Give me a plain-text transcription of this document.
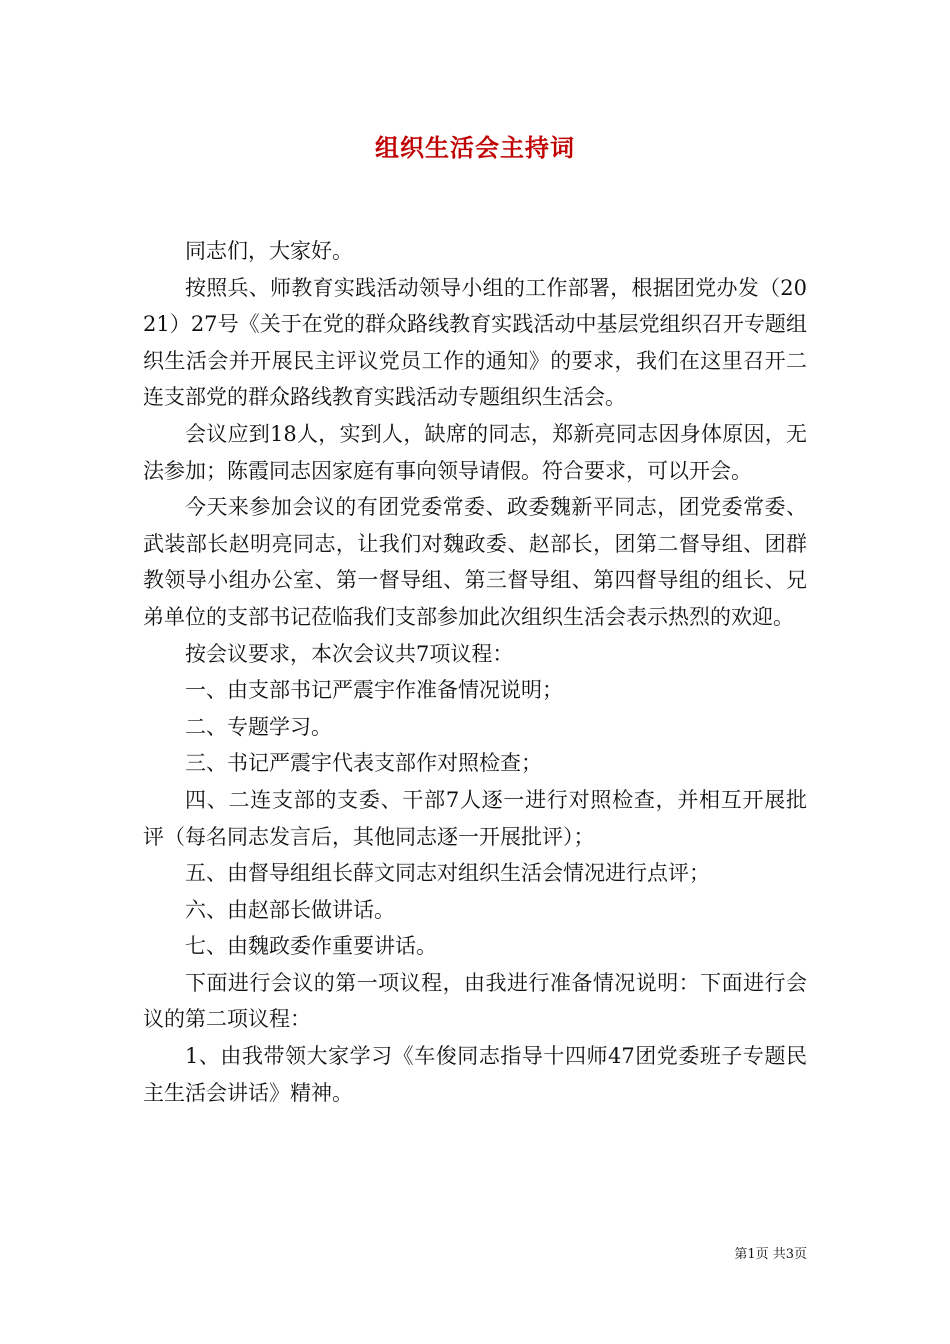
组织生活会主持词

同志们，大家好。

按照兵、师教育实践活动领导小组的工作部署，根据团党办发（2021）27号《关于在党的群众路线教育实践活动中基层党组织召开专题组织生活会并开展民主评议党员工作的通知》的要求，我们在这里召开二连支部党的群众路线教育实践活动专题组织生活会。

会议应到18人，实到人，缺席的同志，郑新亮同志因身体原因，无法参加；陈霞同志因家庭有事向领导请假。符合要求，可以开会。

今天来参加会议的有团党委常委、政委魏新平同志，团党委常委、武装部长赵明亮同志，让我们对魏政委、赵部长，团第二督导组、团群教领导小组办公室、第一督导组、第三督导组、第四督导组的组长、兄弟单位的支部书记莅临我们支部参加此次组织生活会表示热烈的欢迎。

按会议要求，本次会议共7项议程：

一、由支部书记严震宇作准备情况说明；

二、专题学习。

三、书记严震宇代表支部作对照检查；

四、二连支部的支委、干部7人逐一进行对照检查，并相互开展批评（每名同志发言后，其他同志逐一开展批评）；

五、由督导组组长薛文同志对组织生活会情况进行点评；

六、由赵部长做讲话。

七、由魏政委作重要讲话。

下面进行会议的第一项议程，由我进行准备情况说明：下面进行会议的第二项议程：

1、由我带领大家学习《车俊同志指导十四师47团党委班子专题民主生活会讲话》精神。

第1页 共3页
